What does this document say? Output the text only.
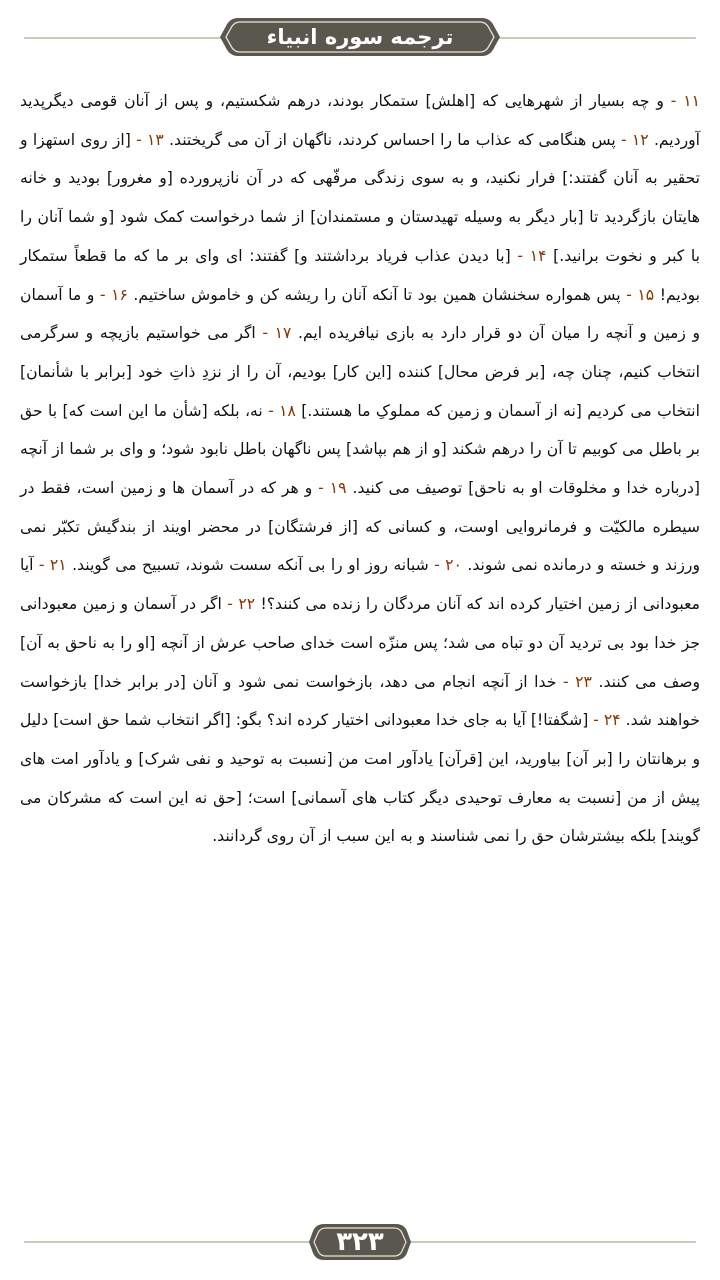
ترجمه سوره انبیاء
۱۱ - و چه بسیار از شهرهایی که [اهلش] ستمکار بودند، درهم شکستیم، و پس از آنان قومی دیگرپدید آوردیم. ۱۲ - پس هنگامی که عذاب ما را احساس کردند، ناگهان از آن می گریختند. ۱۳ - [از روی استهزا و تحقیر به آنان گفتند:] فرار نکنید، و به سوی زندگی مرفّهی که در آن نازپرورده [و مغرور] بودید و خانه هایتان بازگردید تا [بار دیگر به وسیله تهیدستان و مستمندان] از شما درخواست کمک شود [و شما آنان را با کبر و نخوت برانید.] ۱۴ - [با دیدن عذاب فریاد برداشتند و] گفتند: ای وای بر ما که ما قطعاً ستمکار بودیم! ۱۵ - پس همواره سخنشان همین بود تا آنکه آنان را ریشه کن و خاموش ساختیم. ۱۶ - و ما آسمان و زمین و آنچه را میان آن دو قرار دارد به بازی نیافریده ایم. ۱۷ - اگر می خواستیم بازیچه و سرگرمی انتخاب کنیم، چنان چه، [بر فرض محال] کننده [این کار] بودیم، آن را از نزدِ ذاتِ خود [برابر با شأنمان] انتخاب می کردیم [نه از آسمان و زمین که مملوکِ ما هستند.] ۱۸ - نه، بلکه [شأن ما این است که] با حق بر باطل می کوبیم تا آن را درهم شکند [و از هم بپاشد] پس ناگهان باطل نابود شود؛ و وای بر شما از آنچه [درباره خدا و مخلوقات او به ناحق] توصیف می کنید. ۱۹ - و هر که در آسمان ها و زمین است، فقط در سیطره مالکیّت و فرمانروایی اوست، و کسانی که [از فرشتگان] در محضر اویند از بندگیش تکبّر نمی ورزند و خسته و درمانده نمی شوند. ۲۰ - شبانه روز او را بی آنکه سست شوند، تسبیح می گویند. ۲۱ - آیا معبودانی از زمین اختیار کرده اند که آنان مردگان را زنده می کنند؟! ۲۲ - اگر در آسمان و زمین معبودانی جز خدا بود بی تردید آن دو تباه می شد؛ پس منزّه است خدای صاحب عرش از آنچه [او را به ناحق به آن] وصف می کنند. ۲۳ - خدا از آنچه انجام می دهد، بازخواست نمی شود و آنان [در برابر خدا] بازخواست خواهند شد. ۲۴ - [شگفتا!] آیا به جای خدا معبودانی اختیار کرده اند؟ بگو: [اگر انتخاب شما حق است] دلیل و برهانتان را [بر آن] بیاورید، این [قرآن] یادآور امت من [نسبت به توحید و نفی شرک] و یادآور امت های پیش از من [نسبت به معارف توحیدی دیگر کتاب های آسمانی] است؛ [حق نه این است که مشرکان می گویند] بلکه بیشترشان حق را نمی شناسند و به این سبب از آن روی گردانند.
۳۲۳
